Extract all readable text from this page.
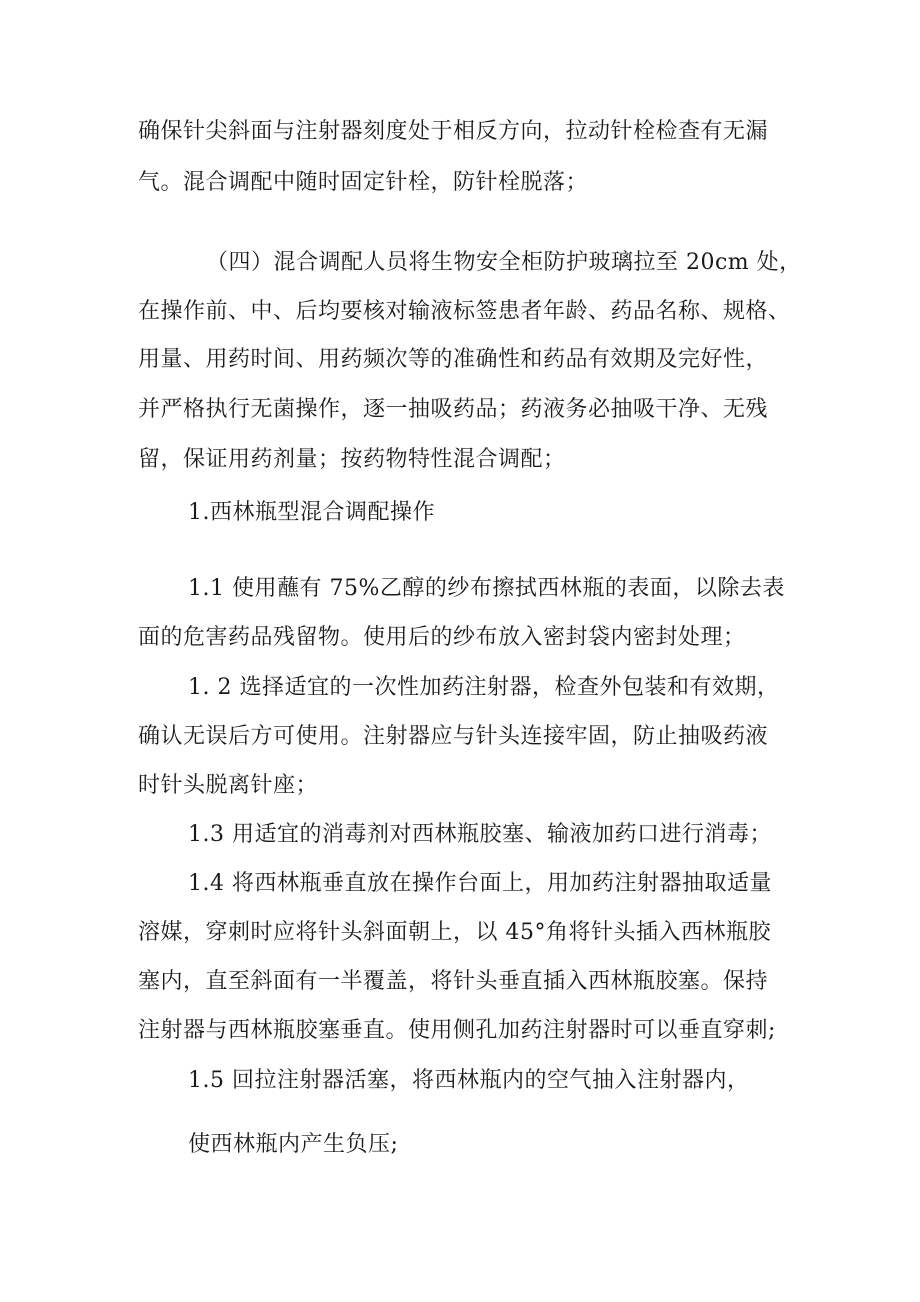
确保针尖斜面与注射器刻度处于相反方向，拉动针栓检查有无漏
气。混合调配中随时固定针栓，防针栓脱落；
（四）混合调配人员将生物安全柜防护玻璃拉至 20cm 处，
在操作前、中、后均要核对输液标签患者年龄、药品名称、规格、
用量、用药时间、用药频次等的准确性和药品有效期及完好性，
并严格执行无菌操作，逐一抽吸药品；药液务必抽吸干净、无残
留，保证用药剂量；按药物特性混合调配；
1.西林瓶型混合调配操作
1.1 使用蘸有 75%乙醇的纱布擦拭西林瓶的表面，以除去表
面的危害药品残留物。使用后的纱布放入密封袋内密封处理；
1. 2 选择适宜的一次性加药注射器，检查外包装和有效期，
确认无误后方可使用。注射器应与针头连接牢固，防止抽吸药液
时针头脱离针座；
1.3 用适宜的消毒剂对西林瓶胶塞、输液加药口进行消毒；
1.4 将西林瓶垂直放在操作台面上，用加药注射器抽取适量
溶媒，穿刺时应将针头斜面朝上，以 45°角将针头插入西林瓶胶
塞内，直至斜面有一半覆盖，将针头垂直插入西林瓶胶塞。保持
注射器与西林瓶胶塞垂直。使用侧孔加药注射器时可以垂直穿刺;
1.5 回拉注射器活塞，将西林瓶内的空气抽入注射器内，
使西林瓶内产生负压;
